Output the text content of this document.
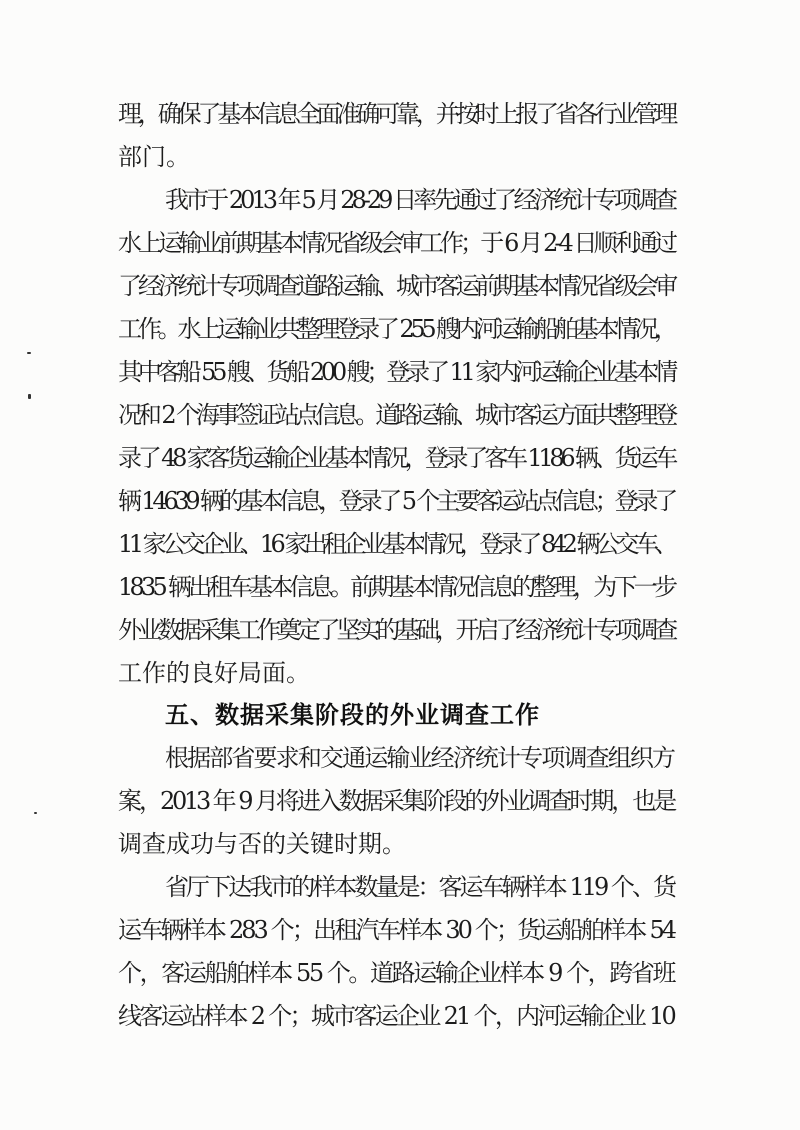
理，确保了基本信息全面准确可靠，并按时上报了省各行业管理

部门。

我市于 2013 年 5 月 28-29 日率先通过了经济统计专项调查

水上运输业前期基本情况省级会审工作；于 6 月 2-4 日顺利通过

了经济统计专项调查道路运输、城市客运前期基本情况省级会审

工作。水上运输业共整理登录了 255 艘内河运输船舶基本情况，

其中客船 55 艘、货船 200 艘；登录了 11 家内河运输企业基本情

况和 2 个海事签证站点信息。道路运输、城市客运方面共整理登

录了 48 家客货运输企业基本情况，登录了客车 1186 辆、货运车

辆 14639 辆的基本信息，登录了 5 个主要客运站点信息；登录了

11 家公交企业、16 家出租企业基本情况，登录了 842 辆公交车、

1835 辆出租车基本信息。前期基本情况信息的整理，为下一步

外业数据采集工作奠定了坚实的基础，开启了经济统计专项调查

工作的良好局面。

五、数据采集阶段的外业调查工作

根据部省要求和交通运输业经济统计专项调查组织方

案，2013 年 9 月将进入数据采集阶段的外业调查时期，也是

调查成功与否的关键时期。

省厅下达我市的样本数量是：客运车辆样本 119 个、货

运车辆样本 283 个；出租汽车样本 30 个；货运船舶样本 54

个，客运船舶样本 55 个。道路运输企业样本 9 个，跨省班

线客运站样本 2 个；城市客运企业 21 个，内河运输企业 10
